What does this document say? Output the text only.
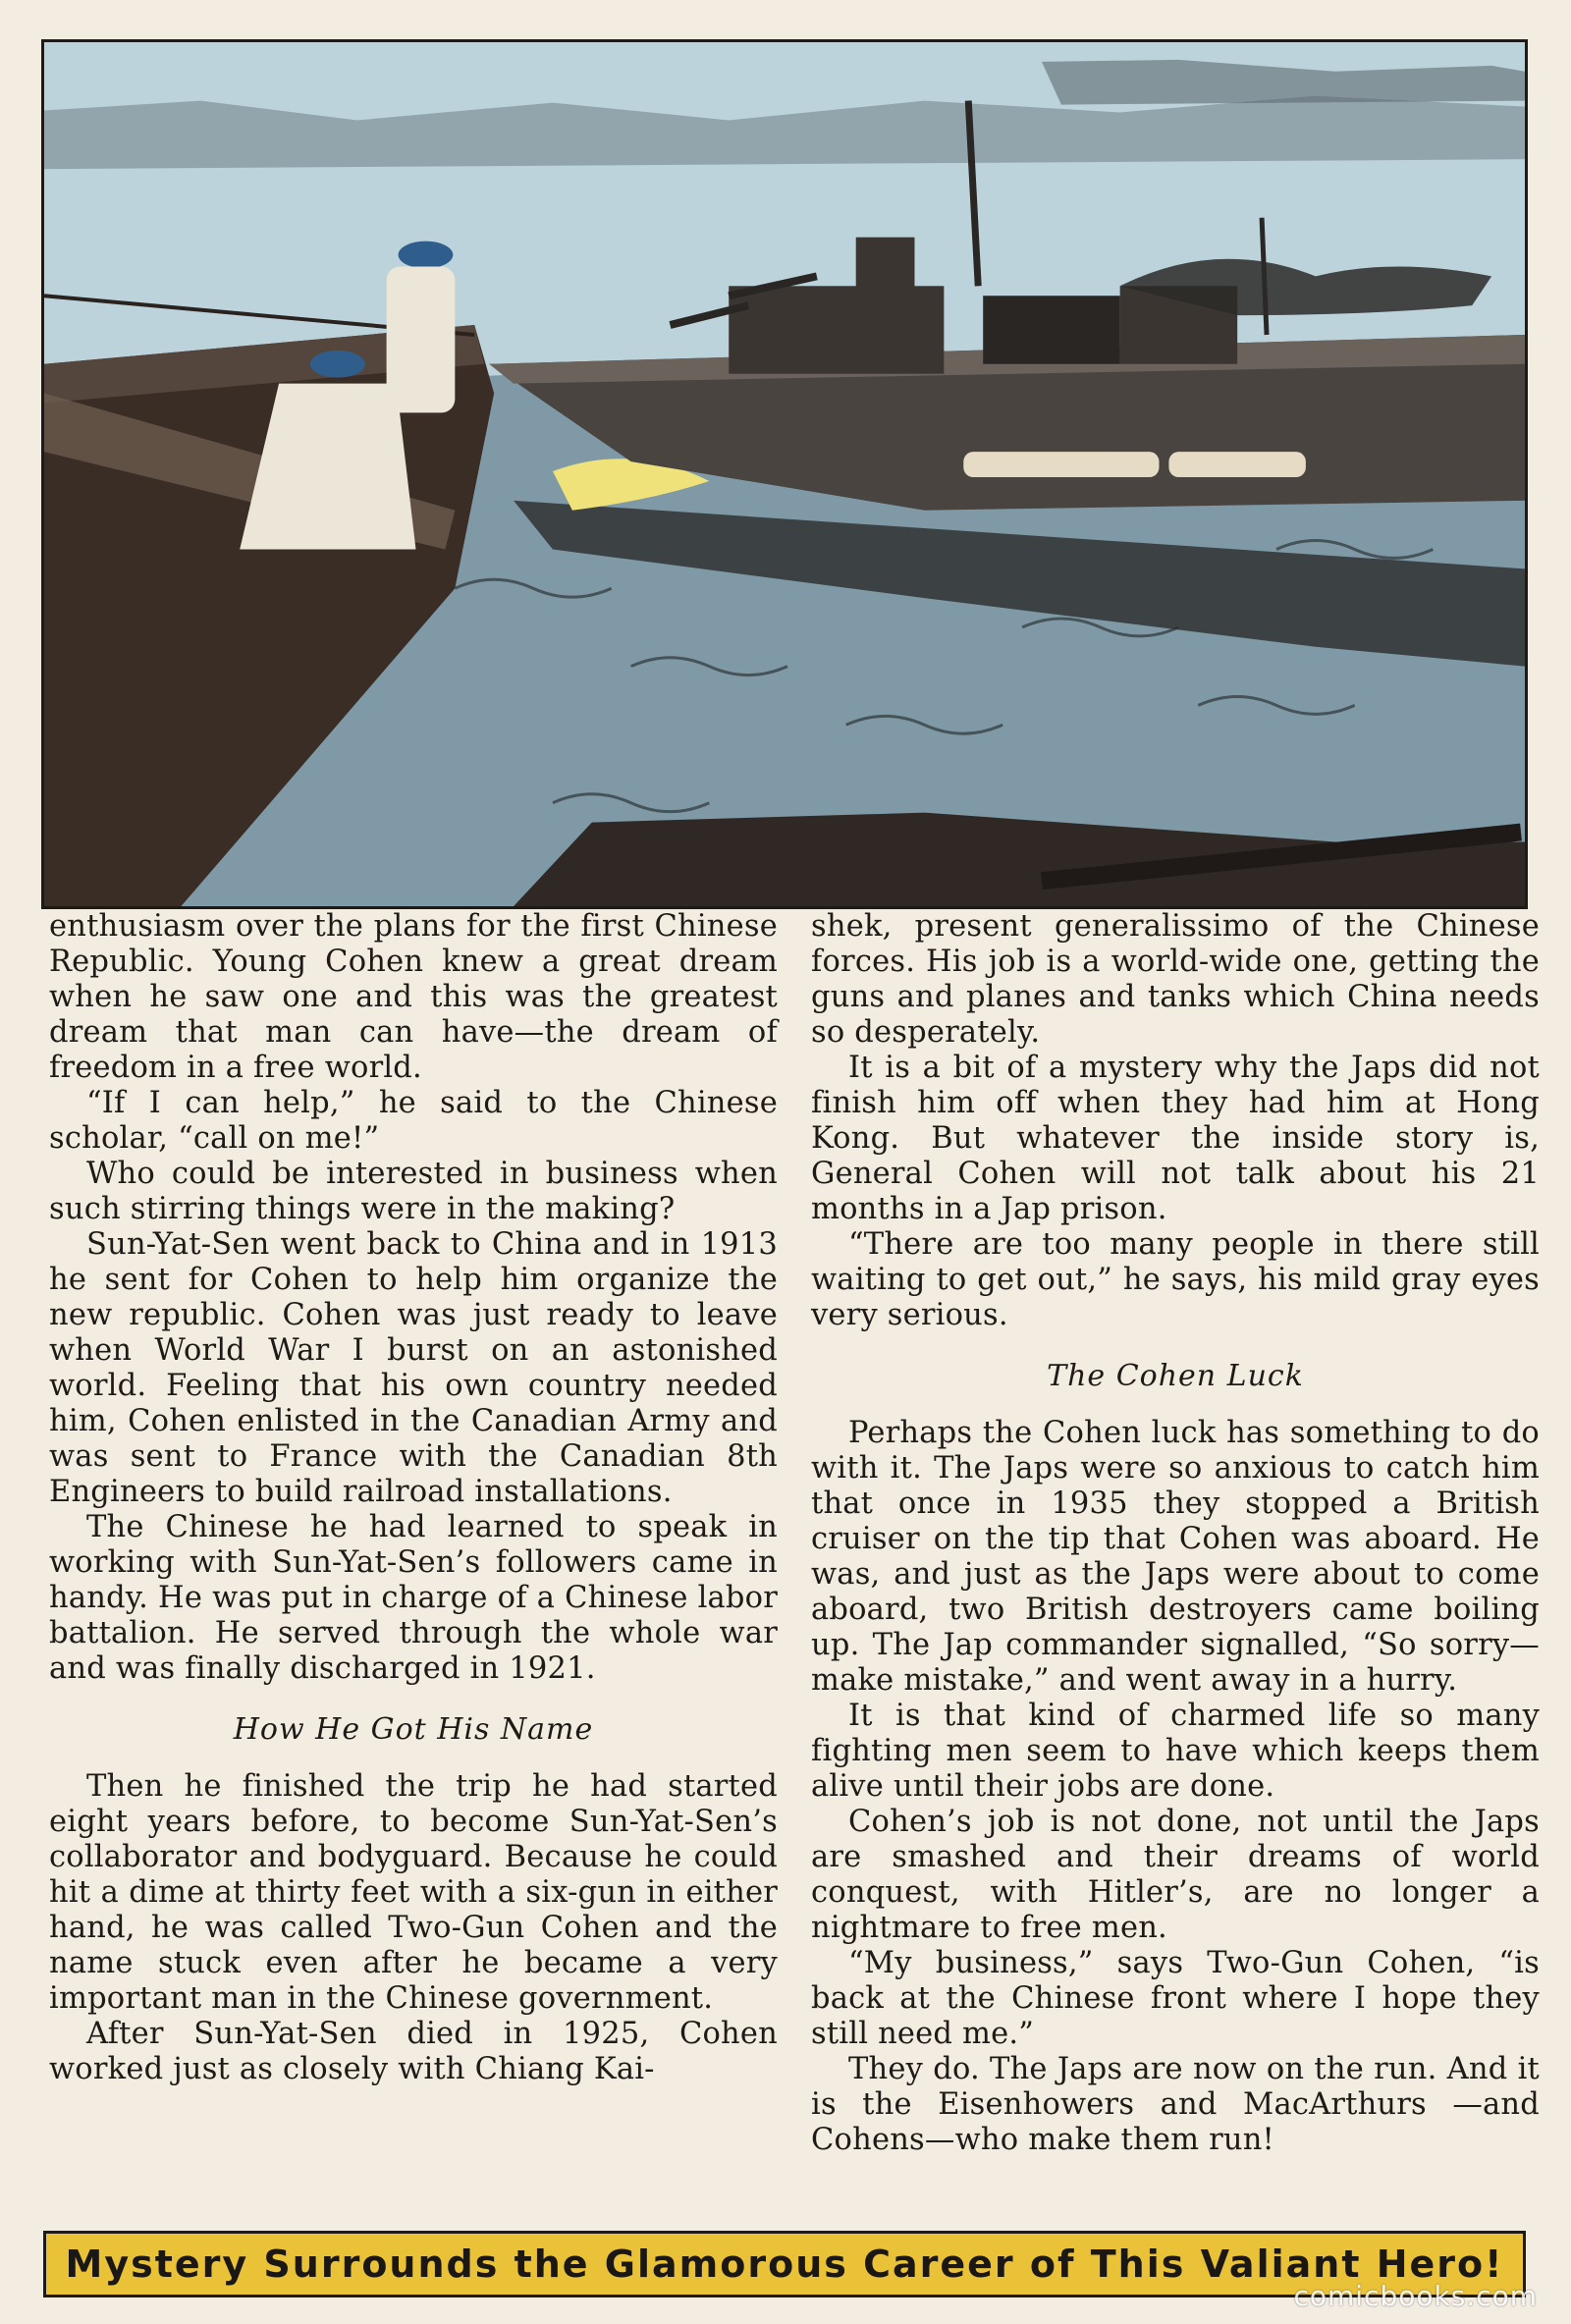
enthusiasm over the plans for the first Chinese Republic. Young Cohen knew a great dream when he saw one and this was the greatest dream that man can have—the dream of freedom in a free world.

“If I can help,” he said to the Chinese scholar, “call on me!”

Who could be interested in business when such stirring things were in the making?

Sun-Yat-Sen went back to China and in 1913 he sent for Cohen to help him organize the new republic. Cohen was just ready to leave when World War I burst on an astonished world. Feeling that his own country needed him, Cohen enlisted in the Canadian Army and was sent to France with the Canadian 8th Engineers to build railroad installations.

The Chinese he had learned to speak in working with Sun-Yat-Sen’s followers came in handy. He was put in charge of a Chinese labor battalion. He served through the whole war and was finally discharged in 1921.

How He Got His Name

Then he finished the trip he had started eight years before, to become Sun-Yat-Sen’s collaborator and bodyguard. Because he could hit a dime at thirty feet with a six-gun in either hand, he was called Two-Gun Cohen and the name stuck even after he became a very important man in the Chinese government.

After Sun-Yat-Sen died in 1925, Cohen worked just as closely with Chiang Kai-

shek, present generalissimo of the Chinese forces. His job is a world-wide one, getting the guns and planes and tanks which China needs so desperately.

It is a bit of a mystery why the Japs did not finish him off when they had him at Hong Kong. But whatever the inside story is, General Cohen will not talk about his 21 months in a Jap prison.

“There are too many people in there still waiting to get out,” he says, his mild gray eyes very serious.

The Cohen Luck

Perhaps the Cohen luck has something to do with it. The Japs were so anxious to catch him that once in 1935 they stopped a British cruiser on the tip that Cohen was aboard. He was, and just as the Japs were about to come aboard, two British destroyers came boiling up. The Jap commander signalled, “So sorry—make mistake,” and went away in a hurry.

It is that kind of charmed life so many fighting men seem to have which keeps them alive until their jobs are done.

Cohen’s job is not done, not until the Japs are smashed and their dreams of world conquest, with Hitler’s, are no longer a nightmare to free men.

“My business,” says Two-Gun Cohen, “is back at the Chinese front where I hope they still need me.”

They do. The Japs are now on the run. And it is the Eisenhowers and MacArthurs —and Cohens—who make them run!

Mystery Surrounds the Glamorous Career of This Valiant Hero!
comicbooks.com
